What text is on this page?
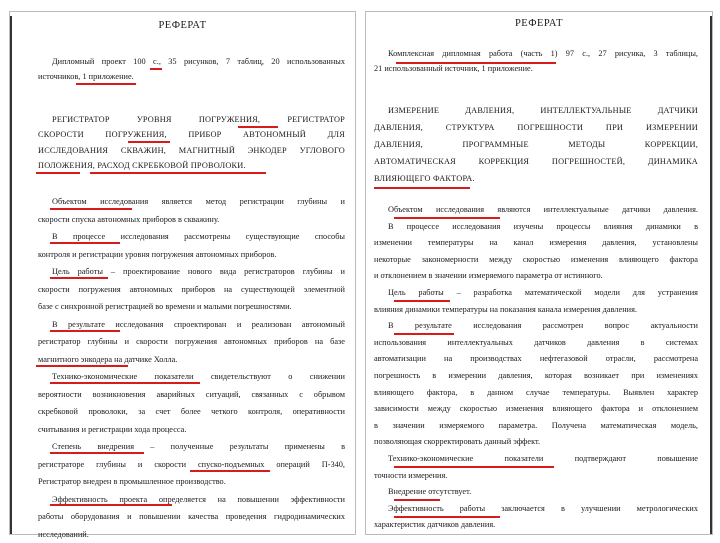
РЕФЕРАТ
Дипломный проект 100 с., 35 рисунков, 7 таблиц, 20 использованных
источников, 1 приложение.
РЕГИСТРАТОР УРОВНЯ ПОГРУЖЕНИЯ, РЕГИСТРАТОР
СКОРОСТИ ПОГРУЖЕНИЯ, ПРИБОР АВТОНОМНЫЙ ДЛЯ
ИССЛЕДОВАНИЯ СКВАЖИН, МАГНИТНЫЙ ЭНКОДЕР УГЛОВОГО
ПОЛОЖЕНИЯ, РАСХОД СКРЕБКОВОЙ ПРОВОЛОКИ.
Объектом исследования является метод регистрации глубины и
скорости спуска автономных приборов в скважину.
В процессе исследования рассмотрены существующие способы
контроля и регистрации уровня погружения автономных приборов.
Цель работы – проектирование нового вида регистраторов глубины и
скорости погружения автономных приборов на существующей элементной
базе с синхронной регистрацией во времени и малыми погрешностями.
В результате исследования спроектирован и реализован автономный
регистратор глубины и скорости погружения автономных приборов на базе
магнитного энкодера на датчике Холла.
Технико-экономические показатели свидетельствуют о снижении
вероятности возникновения аварийных ситуаций, связанных с обрывом
скребковой проволоки, за счет более четкого контроля, оперативности
считывания и регистрации хода процесса.
Степень внедрения – полученные результаты применены в
регистраторе глубины и скорости спуско-подъемных операций П-340,
Регистратор внедрен в промышленное производство.
Эффективность проекта определяется на повышении эффективности
работы оборудования и повышении качества проведения гидродинамических
исследований.
РЕФЕРАТ
Комплексная дипломная работа (часть 1) 97 с., 27 рисунка, 3 таблицы,
21 использованный источник, 1 приложение.
ИЗМЕРЕНИЕ ДАВЛЕНИЯ, ИНТЕЛЛЕКТУАЛЬНЫЕ ДАТЧИКИ
ДАВЛЕНИЯ, СТРУКТУРА ПОГРЕШНОСТИ ПРИ ИЗМЕРЕНИИ
ДАВЛЕНИЯ, ПРОГРАММНЫЕ МЕТОДЫ КОРРЕКЦИИ,
АВТОМАТИЧЕСКАЯ КОРРЕКЦИЯ ПОГРЕШНОСТЕЙ, ДИНАМИКА
ВЛИЯЮЩЕГО ФАКТОРА.
Объектом исследования являются интеллектуальные датчики давления.
В процессе исследования изучены процессы влияния динамики в
изменении температуры на канал измерения давления, установлены
некоторые закономерности между скоростью изменения влияющего фактора
и отклонением в значении измеряемого параметра от истинного.
Цель работы – разработка математической модели для устранения
влияния динамики температуры на показания канала измерения давления.
В результате исследования рассмотрен вопрос актуальности
использования интеллектуальных датчиков давления в системах
автоматизации на производствах нефтегазовой отрасли, рассмотрена
погрешность в измерении давления, которая возникает при изменениях
влияющего фактора, в данном случае температуры. Выявлен характер
зависимости между скоростью изменения влияющего фактора и отклонением
в значении измеряемого параметра. Получена математическая модель,
позволяющая скорректировать данный эффект.
Технико-экономические показатели подтверждают повышение
точности измерения.
Внедрение отсутствует.
Эффективность работы заключается в улучшении метрологических
характеристик датчиков давления.
